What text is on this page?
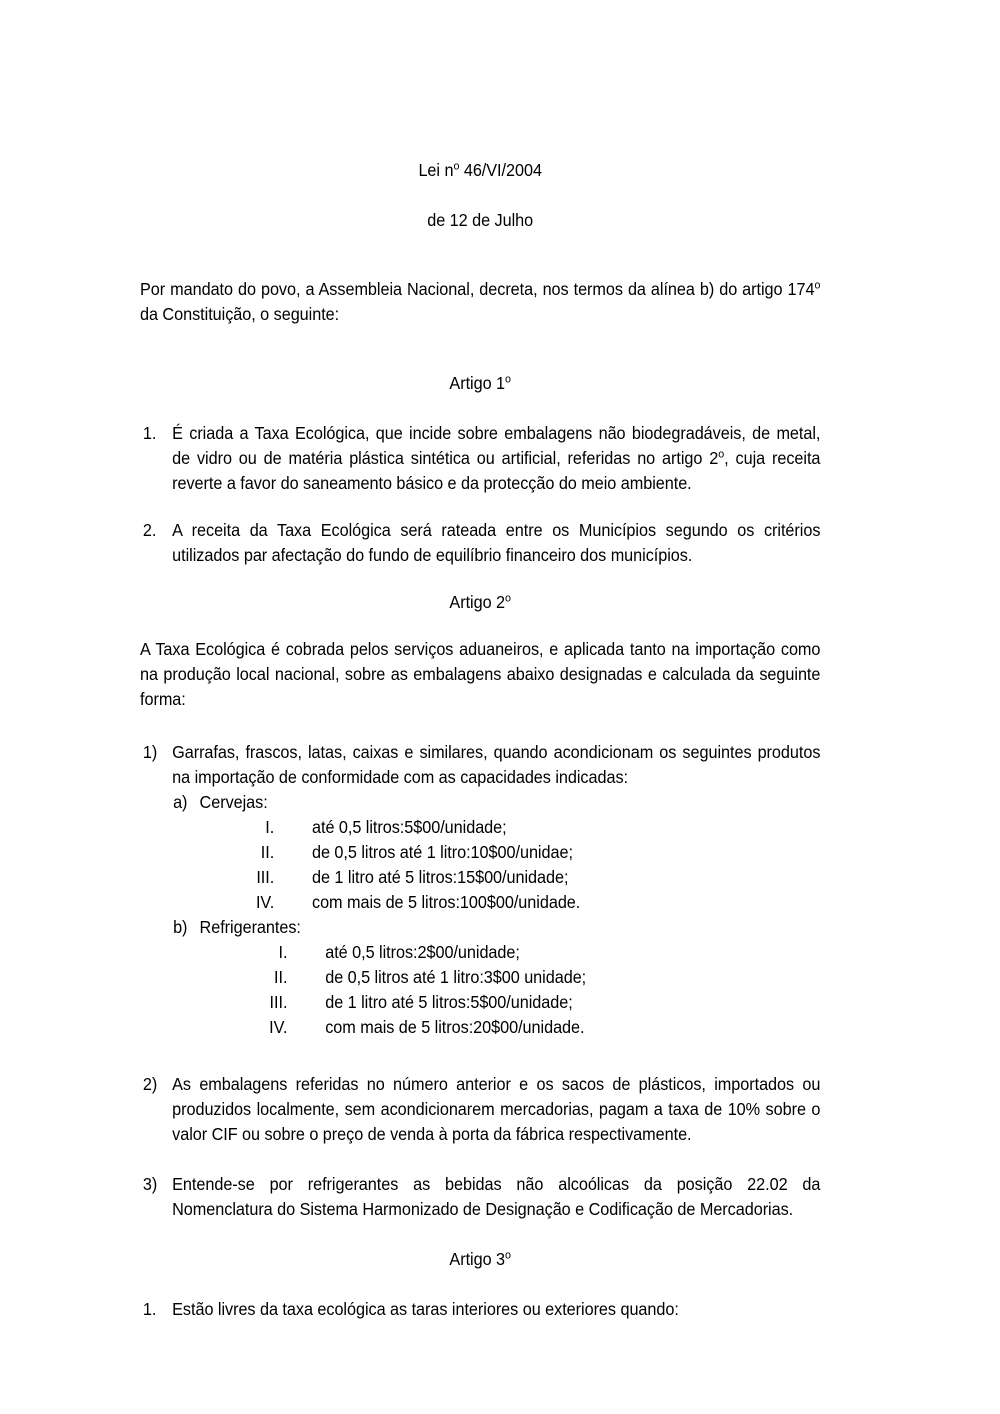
Lei $n^o$ 46/VI/2004
de 12 de Julho

Por mandato do povo, a Assembleia Nacional, decreta, nos termos da alínea b) do artigo 174$^o$ da Constituição, o seguinte:

Artigo 1$^o$
1. É criada a Taxa Ecológica, que incide sobre embalagens não biodegradáveis, de metal, de vidro ou de matéria plástica sintética ou artificial, referidas no artigo 2$^o$, cuja receita reverte a favor do saneamento básico e da protecção do meio ambiente.
2. A receita da Taxa Ecológica será rateada entre os Municípios segundo os critérios utilizados par afectação do fundo de equilíbrio financeiro dos municípios.
Artigo 2$^o$

A Taxa Ecológica é cobrada pelos serviços aduaneiros, e aplicada tanto na importação como na produção local nacional, sobre as embalagens abaixo designadas e calculada da seguinte forma:

1) Garrafas, frascos, latas, caixas e similares, quando acondicionam os seguintes produtos na importação de conformidade com as capacidades indicadas:
a) Cervejas:
I. até 0,5 litros:5$00/unidade;
II. de 0,5 litros até 1 litro:10$00/unidae;
III. de 1 litro até 5 litros:15$00/unidade;
IV. com mais de 5 litros:100$00/unidade.
b) Refrigerantes:
I. até 0,5 litros:2$00/unidade;
II. de 0,5 litros até 1 litro:3$00 unidade;
III. de 1 litro até 5 litros:5$00/unidade;
IV. com mais de 5 litros:20$00/unidade.
2) As embalagens referidas no número anterior e os sacos de plásticos, importados ou produzidos localmente, sem acondicionarem mercadorias, pagam a taxa de 10% sobre o valor CIF ou sobre o preço de venda à porta da fábrica respectivamente.
3) Entende-se por refrigerantes as bebidas não alcoólicas da posição 22.02 da Nomenclatura do Sistema Harmonizado de Designação e Codificação de Mercadorias.
Artigo 3$^o$
1. Estão livres da taxa ecológica as taras interiores ou exteriores quando:
